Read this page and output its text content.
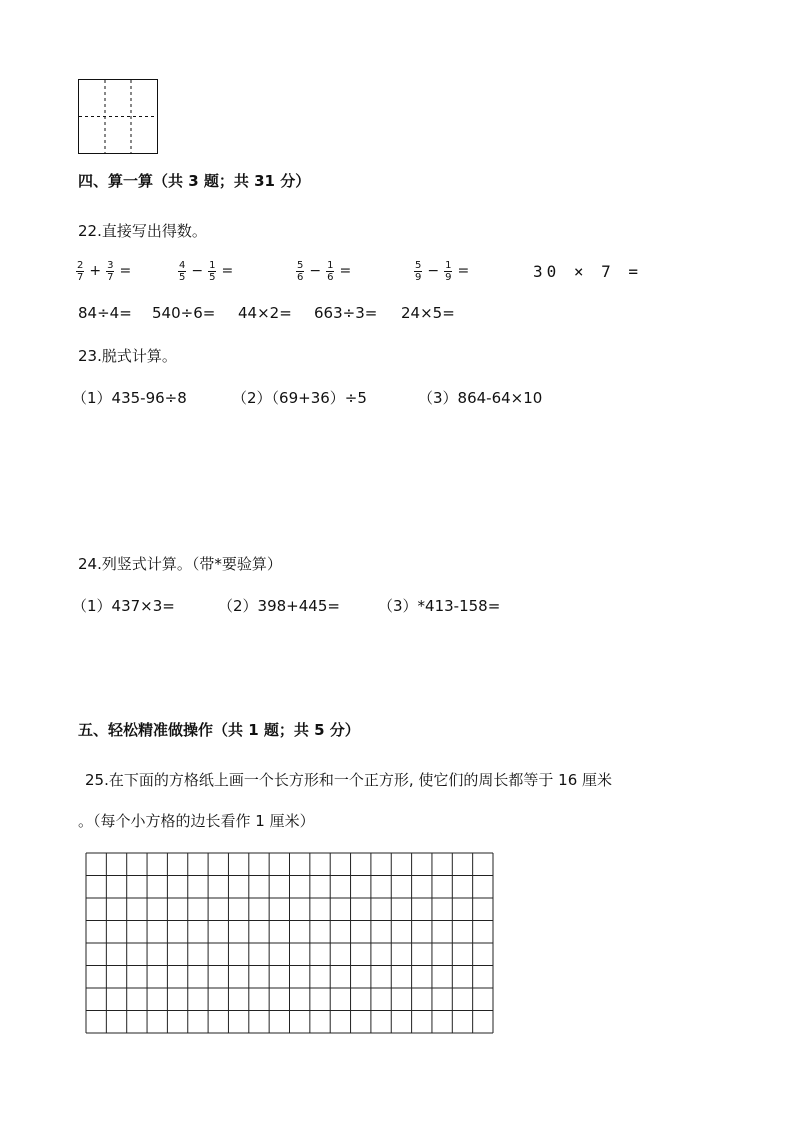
四、算一算（共 3 题；共 31 分）
22.直接写出得数。
$\frac{2}{7} + \frac{3}{7}$ =	$\frac{4}{5} - \frac{1}{5}$ =	$\frac{5}{6} - \frac{1}{6}$ =	$\frac{5}{9} - \frac{1}{9}$ =	30 × 7 =
84÷4= 540÷6= 44×2= 663÷3= 24×5=
23.脱式计算。
（1）435-96÷8	（2）（69+36）÷5	（3）864-64×10
24.列竖式计算。（带*要验算）
（1）437×3=	（2）398+445=	（3）*413-158=
五、轻松精准做操作（共 1 题；共 5 分）
25.在下面的方格纸上画一个长方形和一个正方形, 使它们的周长都等于 16 厘米
。（每个小方格的边长看作 1 厘米）
